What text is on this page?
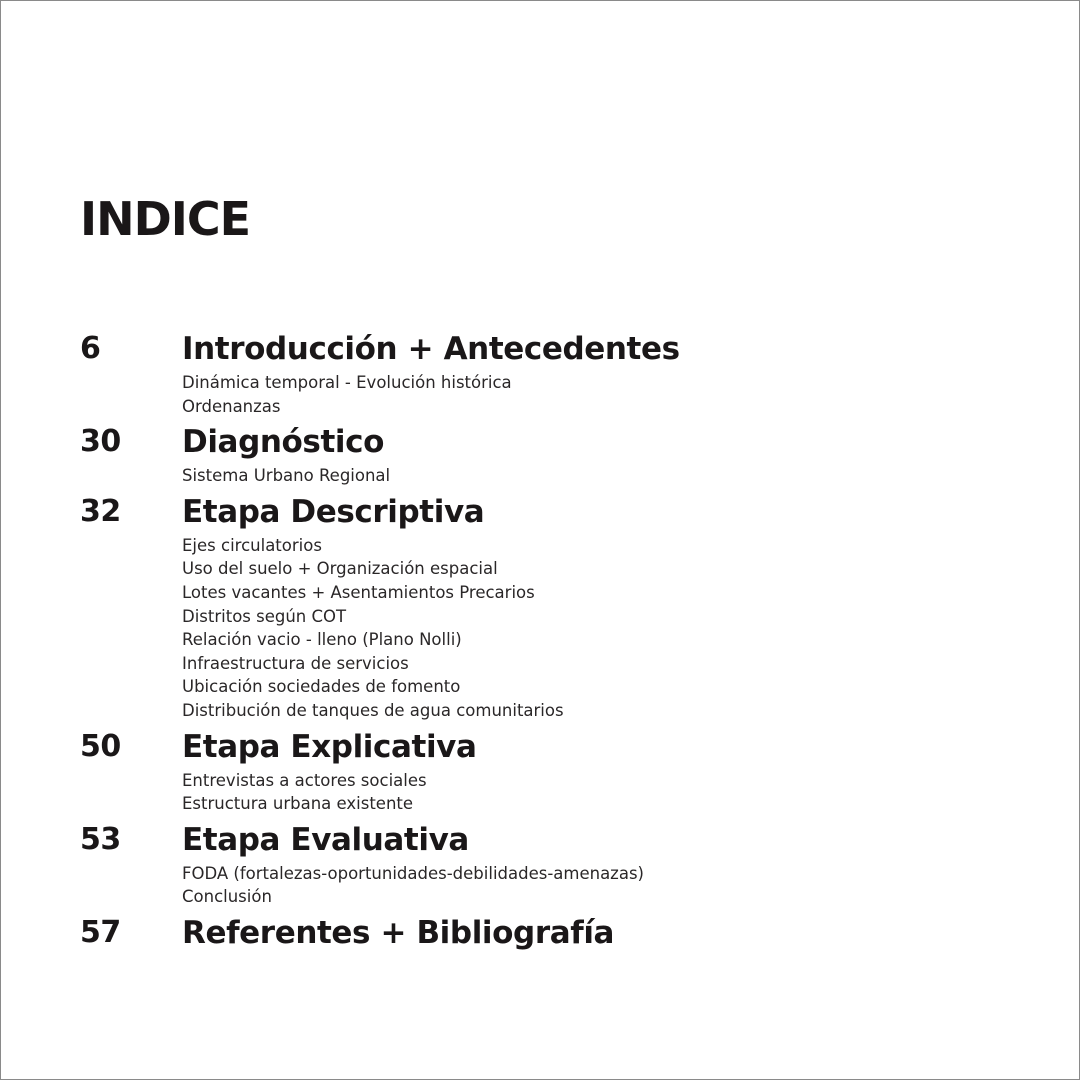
INDICE
6	Introducción + Antecedentes
Dinámica temporal - Evolución histórica
Ordenanzas
30	Diagnóstico
Sistema Urbano Regional
32	Etapa Descriptiva
Ejes circulatorios
Uso del suelo + Organización espacial
Lotes vacantes + Asentamientos Precarios
Distritos según COT
Relación vacio - lleno (Plano Nolli)
Infraestructura de servicios
Ubicación sociedades de fomento
Distribución de tanques de agua comunitarios
50	Etapa Explicativa
Entrevistas a actores sociales
Estructura urbana existente
53	Etapa Evaluativa
FODA (fortalezas-oportunidades-debilidades-amenazas)
Conclusión
57	Referentes + Bibliografía
